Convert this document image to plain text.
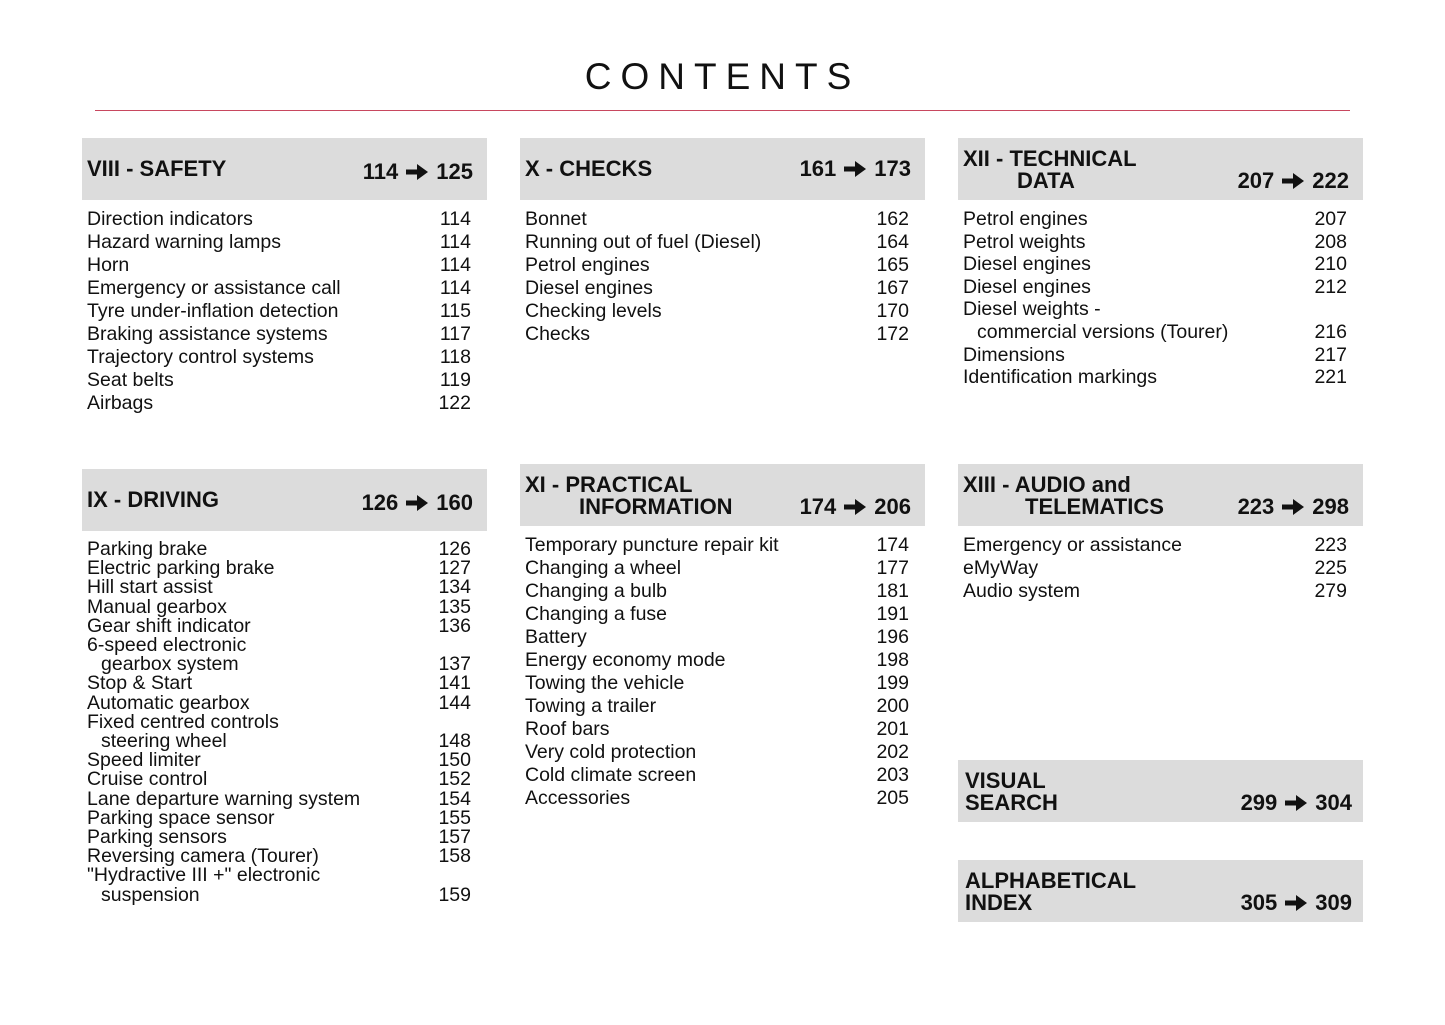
CONTENTS
VIII - SAFETY	114 125
Direction indicators	114
Hazard warning lamps	114
Horn	114
Emergency or assistance call	114
Tyre under-inflation detection	115
Braking assistance systems	117
Trajectory control systems	118
Seat belts	119
Airbags	122
IX - DRIVING	126 160
Parking brake	126
Electric parking brake	127
Hill start assist	134
Manual gearbox	135
Gear shift indicator	136
6-speed electronic
gearbox system	137
Stop & Start	141
Automatic gearbox	144
Fixed centred controls
steering wheel	148
Speed limiter	150
Cruise control	152
Lane departure warning system	154
Parking space sensor	155
Parking sensors	157
Reversing camera (Tourer)	158
"Hydractive III +" electronic
suspension	159
X - CHECKS	161 173
Bonnet	162
Running out of fuel (Diesel)	164
Petrol engines	165
Diesel engines	167
Checking levels	170
Checks	172
XI - PRACTICAL
INFORMATION	174 206
Temporary puncture repair kit	174
Changing a wheel	177
Changing a bulb	181
Changing a fuse	191
Battery	196
Energy economy mode	198
Towing the vehicle	199
Towing a trailer	200
Roof bars	201
Very cold protection	202
Cold climate screen	203
Accessories	205
XII - TECHNICAL
DATA	207 222
Petrol engines	207
Petrol weights	208
Diesel engines	210
Diesel engines	212
Diesel weights -
commercial versions (Tourer)	216
Dimensions	217
Identification markings	221
XIII - AUDIO and
TELEMATICS	223 298
Emergency or assistance	223
eMyWay	225
Audio system	279
VISUAL
SEARCH	299 304
ALPHABETICAL
INDEX	305 309
